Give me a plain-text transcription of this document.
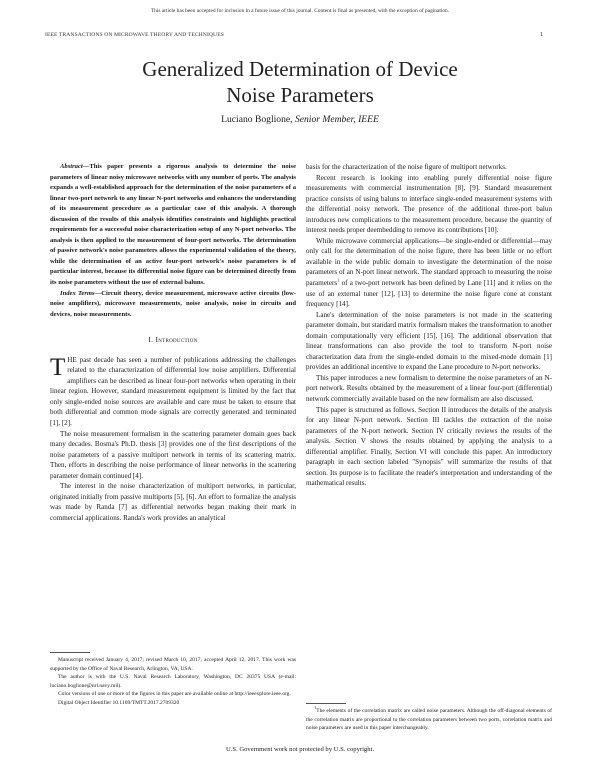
This article has been accepted for inclusion in a future issue of this journal. Content is final as presented, with the exception of pagination.
IEEE TRANSACTIONS ON MICROWAVE THEORY AND TECHNIQUES	1
Generalized Determination of Device
Noise Parameters
Luciano Boglione, Senior Member, IEEE

Abstract—This paper presents a rigorous analysis to determine the noise parameters of linear noisy microwave networks with any number of ports. The analysis expands a well-established approach for the determination of the noise parameters of a linear two-port network to any linear N-port networks and enhances the understanding of its measurement procedure as a particular case of this analysis. A thorough discussion of the results of this analysis identifies constraints and highlights practical requirements for a successful noise characterization setup of any N-port networks. The analysis is then applied to the measurement of four-port networks. The determination of passive network's noise parameters allows the experimental validation of the theory, while the determination of an active four-port network's noise parameters is of particular interest, because its differential noise figure can be determined directly from its noise parameters without the use of external baluns.

Index Terms—Circuit theory, device measurement, microwave active circuits (low-noise amplifiers), microwave measurements, noise analysis, noise in circuits and devices, noise measurements.

I. Introduction

THE past decade has seen a number of publications addressing the challenges related to the characterization of differential low noise amplifiers. Differential amplifiers can be described as linear four-port networks when operating in their linear region. However, standard measurement equipment is limited by the fact that only single-ended noise sources are available and care must be taken to ensure that both differential and common mode signals are correctly generated and terminated [1], [2].

The noise measurement formalism in the scattering parameter domain goes back many decades. Bosma's Ph.D. thesis [3] provides one of the first descriptions of the noise parameters of a passive multiport network in terms of its scattering matrix. Then, efforts in describing the noise performance of linear networks in the scattering parameter domain continued [4].

The interest in the noise characterization of multiport networks, in particular, originated initially from passive multiports [5], [6]. An effort to formalize the analysis was made by Randa [7] as differential networks began making their mark in commercial applications. Randa's work provides an analytical

Manuscript received January 4, 2017; revised March 10, 2017; accepted April 12, 2017. This work was supported by the Office of Naval Research, Arlington, VA, USA.

The author is with the U.S. Naval Research Laboratory, Washington, DC 20375 USA (e-mail: luciano.boglione@nrl.navy.mil).

Color versions of one or more of the figures in this paper are available online at http://ieeexplore.ieee.org.

Digital Object Identifier 10.1109/TMTT.2017.2709320

basis for the characterization of the noise figure of multiport networks.

Recent research is looking into enabling purely differential noise figure measurements with commercial instrumentation [8], [9]. Standard measurement practice consists of using baluns to interface single-ended measurement systems with the differential noisy network. The presence of the additional three-port balun introduces new complications to the measurement procedure, because the quantity of interest needs proper deembedding to remove its contributions [10].

While microwave commercial applications—be single-ended or differential—may only call for the determination of the noise figure, there has been little or no effort available in the wide public domain to investigate the determination of the noise parameters of an N-port linear network. The standard approach to measuring the noise parameters$^1$ of a two-port network has been defined by Lane [11] and it relies on the use of an external tuner [12], [13] to determine the noise figure cone at constant frequency [14].

Lane's determination of the noise parameters is not made in the scattering parameter domain, but standard matrix formalism makes the transformation to another domain computationally very efficient [15], [16]. The additional observation that linear transformations can also provide the tool to transform N-port noise characterization data from the single-ended domain to the mixed-mode domain [1] provides an additional incentive to expand the Lane procedure to N-port networks.

This paper introduces a new formalism to determine the noise parameters of an N-port network. Results obtained by the measurement of a linear four-port (differential) network commercially available based on the new formalism are also discussed.

This paper is structured as follows. Section II introduces the details of the analysis for any linear N-port network. Section III tackles the extraction of the noise parameters of the N-port network. Section IV critically reviews the results of the analysis. Section V shows the results obtained by applying the analysis to a differential amplifier. Finally, Section VI will conclude this paper. An introductory paragraph in each section labeled "Synopsis" will summarize the results of that section. Its purpose is to facilitate the reader's interpretation and understanding of the mathematical results.

$^1$The elements of the correlation matrix are called noise parameters. Although the off-diagonal elements of the correlation matrix are proportional to the correlation parameters between two ports, correlation matrix and noise parameters are used in this paper interchangeably.

U.S. Government work not protected by U.S. copyright.
